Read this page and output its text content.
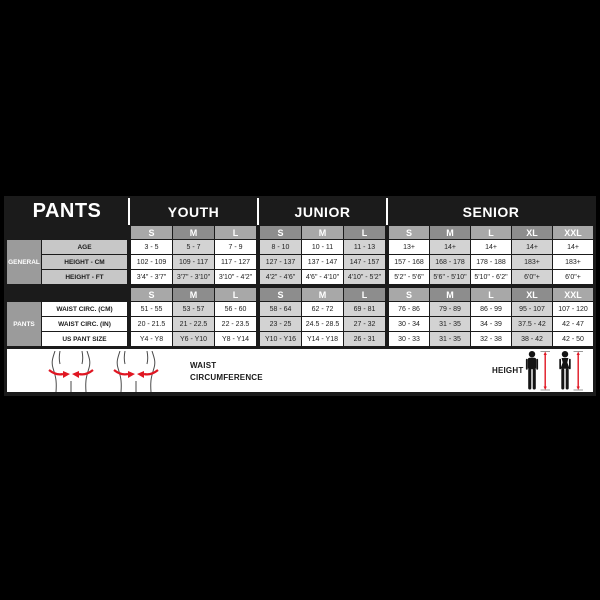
PANTS	YOUTH	JUNIOR	SENIOR
S	M	L	S	M	L	S	M	L	XL	XXL
GENERAL
AGE	3 - 5	5 - 7	7 - 9	8 - 10	10 - 11	11 - 13	13+	14+	14+	14+	14+
HEIGHT - CM	102 - 109	109 - 117	117 - 127	127 - 137	137 - 147	147 - 157	157 - 168	168 - 178	178 - 188	183+	183+
HEIGHT - FT	3'4" - 3'7"	3'7" - 3'10"	3'10" - 4'2"	4'2" - 4'6"	4'6" - 4'10"	4'10" - 5'2"	5'2" - 5'6"	5'6" - 5'10"	5'10" - 6'2"	6'0"+	6'0"+
S	M	L	S	M	L	S	M	L	XL	XXL
PANTS
WAIST CIRC. (CM)	51 - 55	53 - 57	56 - 60	58 - 64	62 - 72	69 - 81	76 - 86	79 - 89	86 - 99	95 - 107	107 - 120
WAIST CIRC. (IN)	20 - 21.5	21 - 22.5	22 - 23.5	23 - 25	24.5 - 28.5	27 - 32	30 - 34	31 - 35	34 - 39	37.5 - 42	42 - 47
US PANT SIZE	Y4 - Y8	Y6 - Y10	Y8 - Y14	Y10 - Y16	Y14 - Y18	26 - 31	30 - 33	31 - 35	32 - 38	38 - 42	42 - 50
WAIST
CIRCUMFERENCE
HEIGHT
